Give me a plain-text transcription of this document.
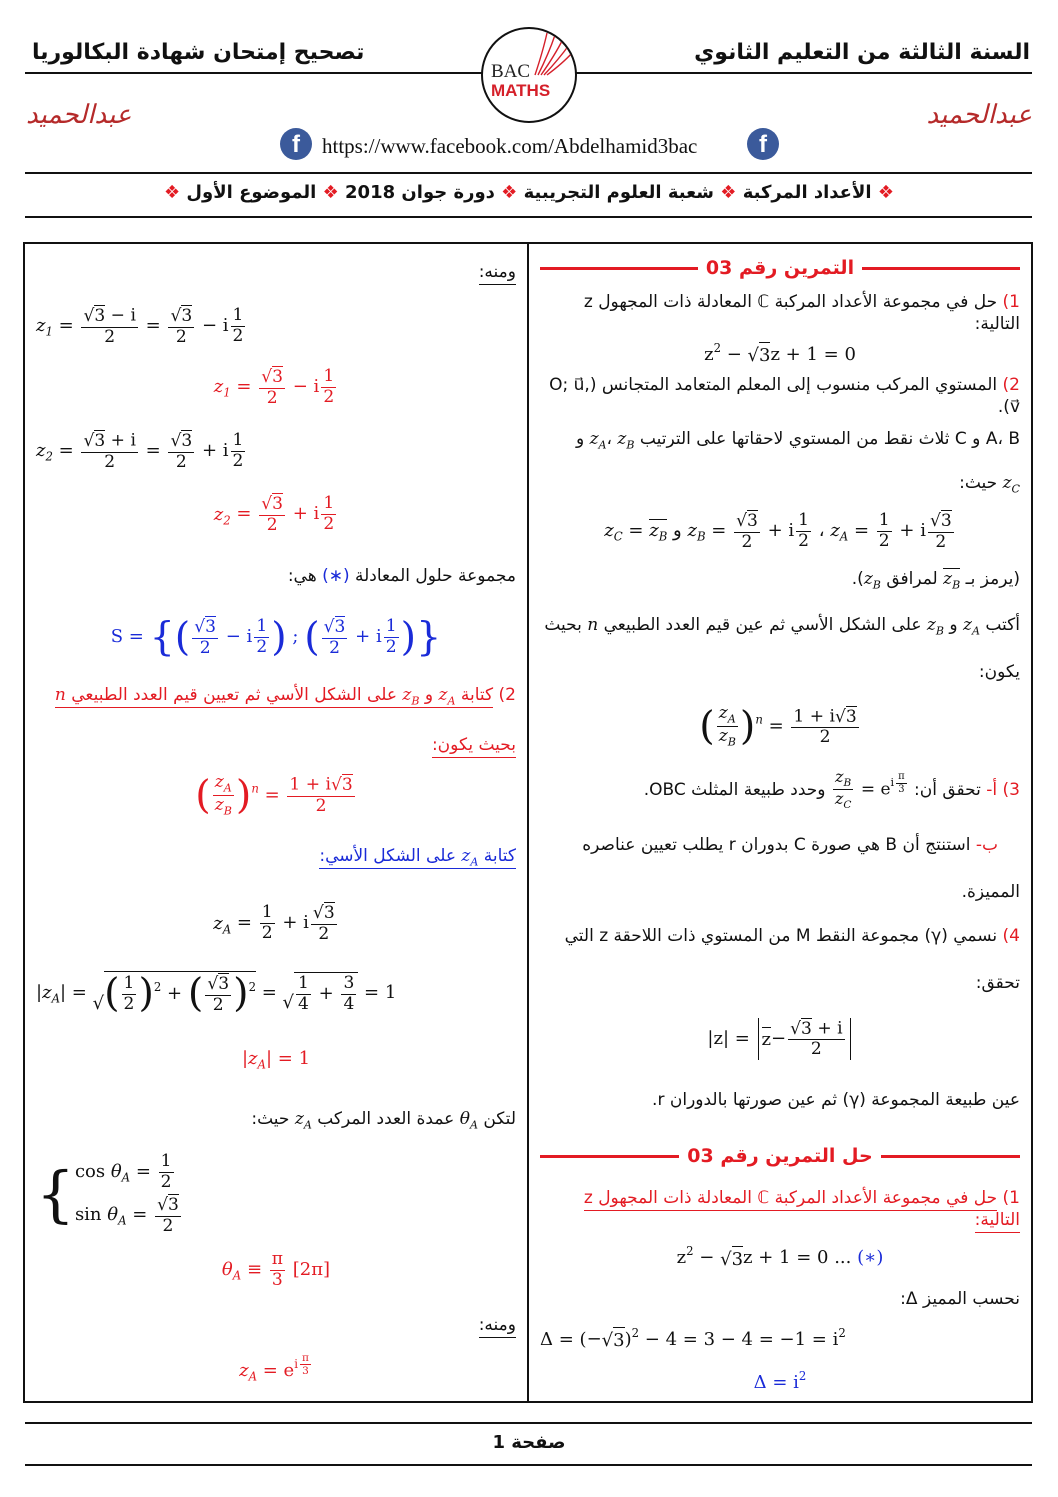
السنة الثالثة من التعليم الثانوي
تصحيح إمتحان شهادة البكالوريا
BAC
MATHS
عبدالحميد	عبدالحميد
f	https://www.facebook.com/Abdelhamid3bac	f
❖ الأعداد المركبة ❖ شعبة العلوم التجريبية ❖ دورة جوان 2018 ❖ الموضوع الأول ❖
التمرين رقم 03
1) حل في مجموعة الأعداد المركبة ℂ المعادلة ذات المجهول z التالية:
$z^2$ − √ 3 z + 1 = 0
2) المستوي المركب منسوب إلى المعلم المتعامد المتجانس (O; u⃗, v⃗).
A، B و C ثلاث نقط من المستوي لاحقاتها على الترتيب $z_A،$ $z_B$ و
$z_C$ حيث:
$z_C = z_B$ و $z_B = \frac{√ 3}{2} + i \frac{1}{2}$ ، $z_A = \frac{1}{2} + i \frac{√ 3}{2}$
(يرمز بـ $z_B$ لمرافق $z_B$).
أكتب $z_A$ و $z_B$ على الشكل الأسي ثم عين قيم العدد الطبيعي n بحيث
يكون:
( $\frac{z_A}{z_B}$ ) $^n = \frac{1 + i √ 3}{2}$
3) أ- تحقق أن:
$\frac{z_B}{z_C} = e^{i \frac{\pi}{3}}$
وحدد طبيعة المثلث OBC.
ب- استنتج أن B هي صورة C بدوران r يطلب تعيين عناصره
المميزة.
4) نسمي (γ) مجموعة النقط M من المستوي ذات اللاحقة z التي
تحقق:
$|z| = z - \frac{√ 3 + i}{2}$
عين طبيعة المجموعة (γ) ثم عين صورتها بالدوران r.
حل التمرين رقم 03
1) حل في مجموعة الأعداد المركبة ℂ المعادلة ذات المجهول z التالية:
$z^2$ − √ 3 z + 1 = 0 ... (∗)
نحسب المميز Δ:
Δ = ( − √ 3 ) $^2 - 4 = 3 - 4 = -1 = i^2$
$\Delta = i^2$
ومنه:
$z_1 = \frac{√ 3 - i}{2} = \frac{√ 3}{2} - i \frac{1}{2}$
$z_1 = \frac{√ 3}{2} - i \frac{1}{2}$
$z_2 = \frac{√ 3 + i}{2} = \frac{√ 3}{2} + i \frac{1}{2}$
$z_2 = \frac{√ 3}{2} + i \frac{1}{2}$
مجموعة حلول المعادلة (∗) هي:
S = { ( $\frac{√ 3}{2} - i \frac{1}{2}$ ) ; ( $\frac{√ 3}{2} + i \frac{1}{2}$ ) }
2) كتابة $z_A$ و $z_B$ على الشكل الأسي ثم تعيين قيم العدد الطبيعي n
بحيث يكون:
( $\frac{z_A}{z_B}$ ) $^n = \frac{1 + i √ 3}{2}$
كتابة $z_A$ على الشكل الأسي:
$z_A = \frac{1}{2} + i \frac{√ 3}{2}$
$|z_A|$ =
√ ( $\frac{1}{2}$ ) $^2$ + ( $\frac{√ 3}{2}$ ) $^2$ = √ $\frac{1}{4} + \frac{3}{4} = 1$
$|z_A| = 1$
لتكن $\theta_A$ عمدة العدد المركب $z_A$ حيث:
{ $\cos \theta_A = \frac{1}{2}$
$\sin \theta_A = \frac{√ 3}{2}$
$\theta_A \equiv \frac{\pi}{3} [2\pi]$
ومنه:
$z_A = e^{i \frac{\pi}{3}}$
صفحة 1
